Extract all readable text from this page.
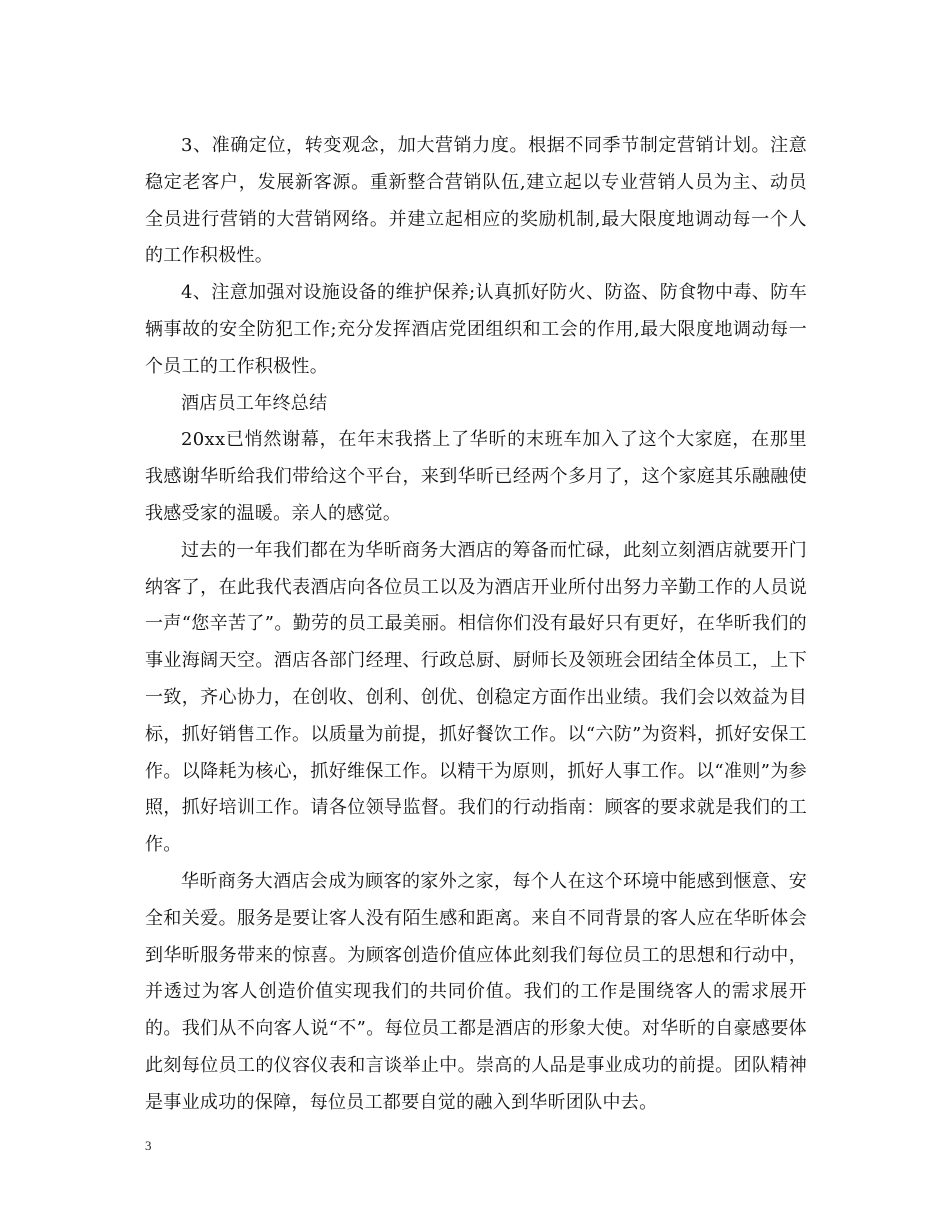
3、准确定位，转变观念，加大营销力度。根据不同季节制定营销计划。注意稳定老客户，发展新客源。重新整合营销队伍,建立起以专业营销人员为主、动员全员进行营销的大营销网络。并建立起相应的奖励机制,最大限度地调动每一个人的工作积极性。

4、注意加强对设施设备的维护保养;认真抓好防火、防盗、防食物中毒、防车辆事故的安全防犯工作;充分发挥酒店党团组织和工会的作用,最大限度地调动每一个员工的工作积极性。

酒店员工年终总结

20xx已悄然谢幕，在年末我搭上了华昕的末班车加入了这个大家庭，在那里我感谢华昕给我们带给这个平台，来到华昕已经两个多月了，这个家庭其乐融融使我感受家的温暖。亲人的感觉。

过去的一年我们都在为华昕商务大酒店的筹备而忙碌，此刻立刻酒店就要开门纳客了，在此我代表酒店向各位员工以及为酒店开业所付出努力辛勤工作的人员说一声“您辛苦了”。勤劳的员工最美丽。相信你们没有最好只有更好，在华昕我们的事业海阔天空。酒店各部门经理、行政总厨、厨师长及领班会团结全体员工，上下一致，齐心协力，在创收、创利、创优、创稳定方面作出业绩。我们会以效益为目标，抓好销售工作。以质量为前提，抓好餐饮工作。以“六防”为资料，抓好安保工作。以降耗为核心，抓好维保工作。以精干为原则，抓好人事工作。以“准则”为参照，抓好培训工作。请各位领导监督。我们的行动指南：顾客的要求就是我们的工作。

华昕商务大酒店会成为顾客的家外之家，每个人在这个环境中能感到惬意、安全和关爱。服务是要让客人没有陌生感和距离。来自不同背景的客人应在华昕体会到华昕服务带来的惊喜。为顾客创造价值应体此刻我们每位员工的思想和行动中，并透过为客人创造价值实现我们的共同价值。我们的工作是围绕客人的需求展开的。我们从不向客人说“不”。每位员工都是酒店的形象大使。对华昕的自豪感要体此刻每位员工的仪容仪表和言谈举止中。崇高的人品是事业成功的前提。团队精神是事业成功的保障，每位员工都要自觉的融入到华昕团队中去。

3
